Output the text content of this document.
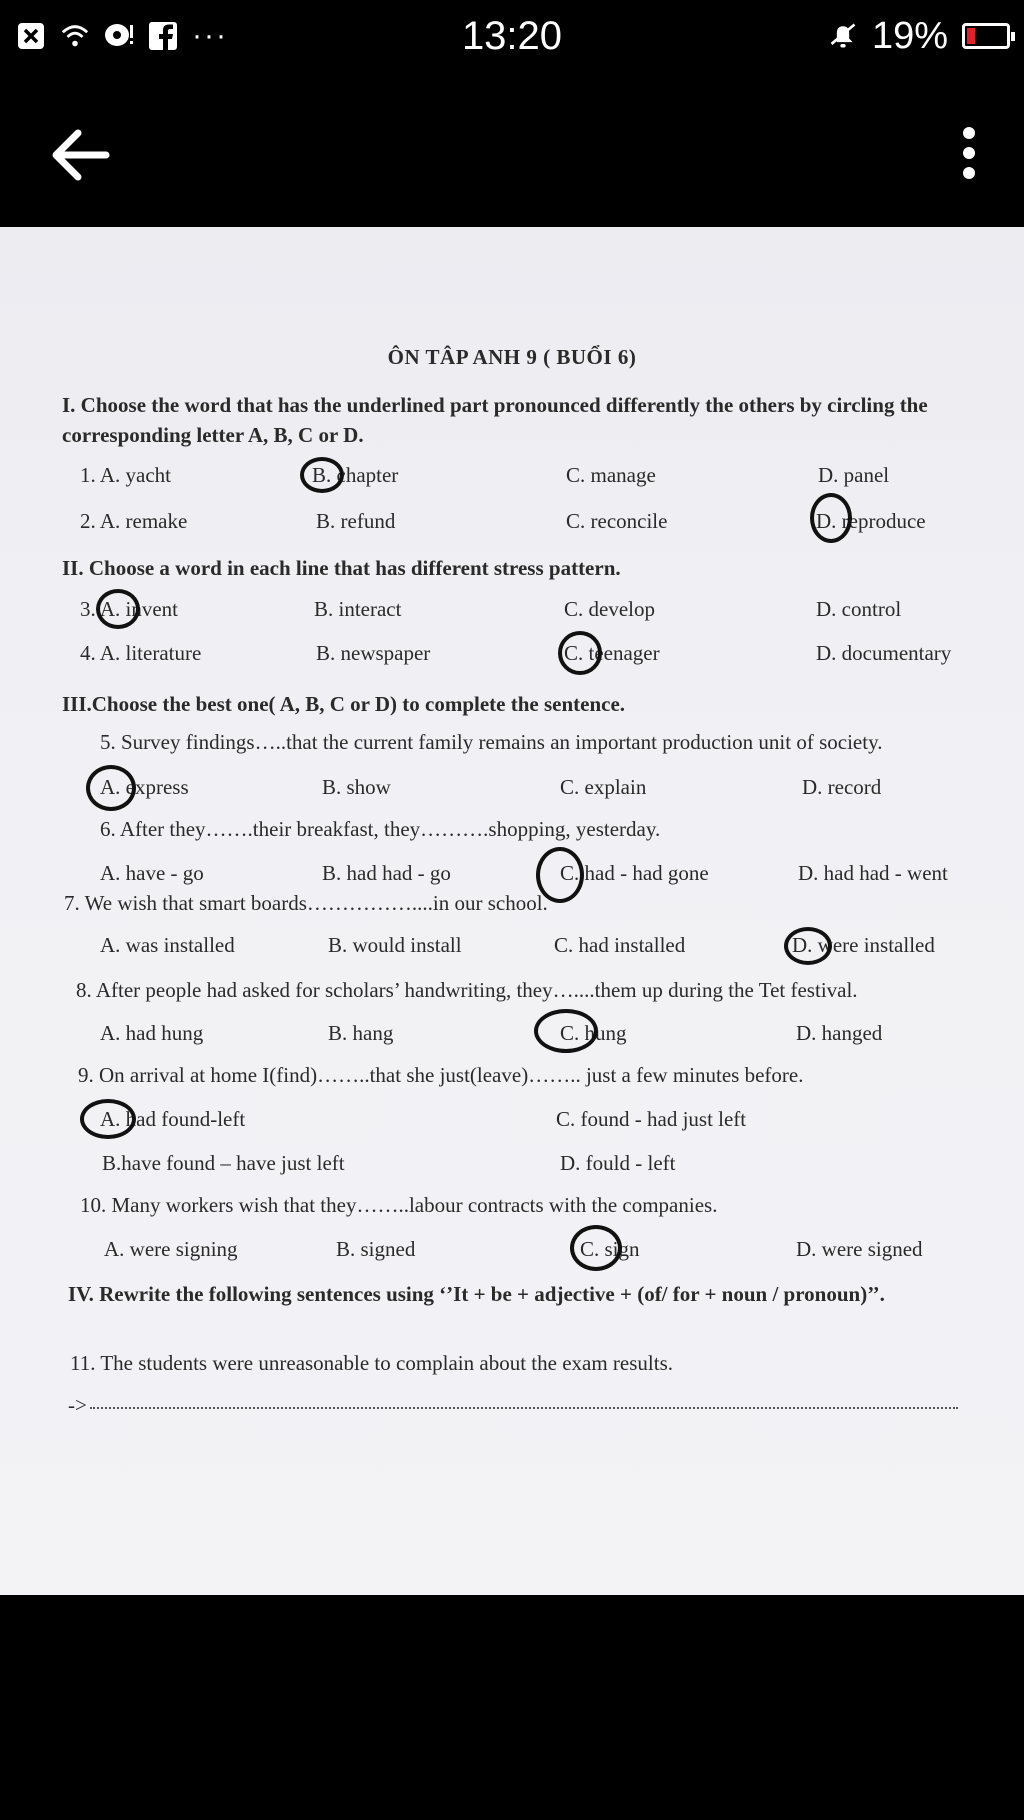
···	13:20	19%
ÔN TÂP ANH 9 ( BUỔI 6)
I. Choose the word that has the underlined part pronounced differently the others by circling the corresponding letter A, B, C or D.
1. A. yacht	B. chapter	C. manage	D. panel
2. A. remake	B. refund	C. reconcile	D. reproduce
II. Choose a word in each line that has different stress pattern.
3. A. invent	B. interact	C. develop	D. control
4. A. literature	B. newspaper	C. teenager	D. documentary
III.Choose the best one( A, B, C or D) to complete the sentence.
5. Survey findings…..that the current family remains an important production unit of society.
A. express	B. show	C. explain	D. record
6. After they…….their breakfast, they……….shopping, yesterday.
A. have - go	B. had had - go	C. had - had gone	D. had had - went
7. We wish that smart boards……………....in our school.
A. was installed	B. would install	C. had installed	D. were installed
8. After people had asked for scholars’ handwriting, they…....them up during the Tet festival.
A. had hung	B. hang	C. hung	D. hanged
9. On arrival at home I(find)……..that she just(leave)…….. just a few minutes before.
A. had found-left	C. found - had just left
B.have found – have just left	D. fould - left
10. Many workers wish that they……..labour contracts with the companies.
A. were signing	B. signed	C. sign	D. were signed
IV. Rewrite the following sentences using ‘’It + be + adjective + (of/ for + noun / pronoun)’’.
11. The students were unreasonable to complain about the exam results.
->
